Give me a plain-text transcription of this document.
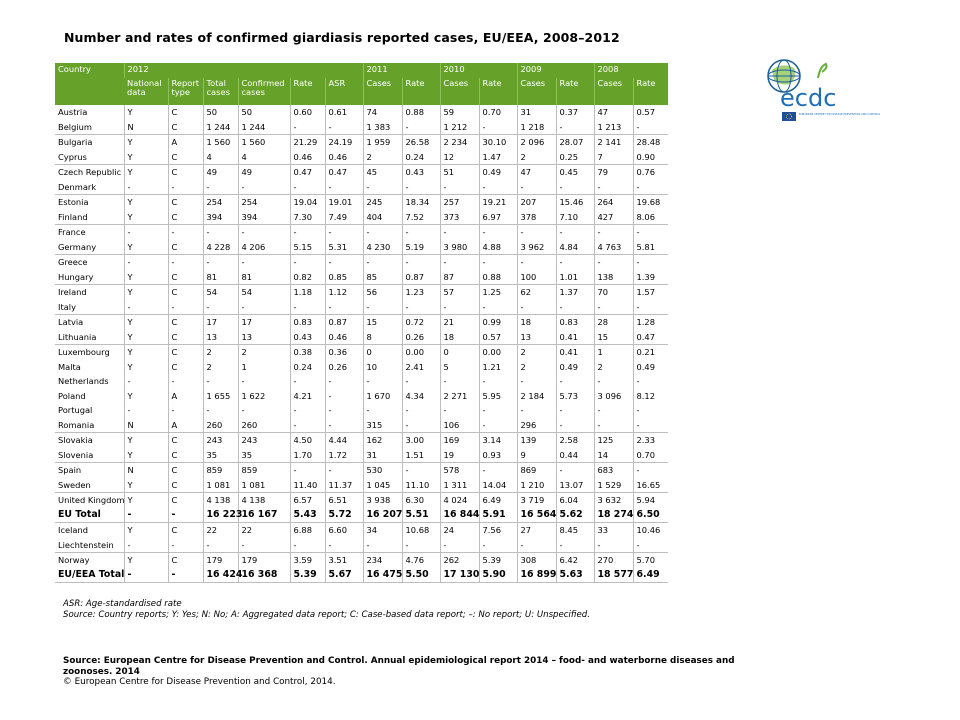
Number and rates of confirmed giardiasis reported cases, EU/EEA, 2008–2012
ecdc
EUROPEAN CENTRE FOR DISEASE PREVENTION AND CONTROL
Country	2012						2011		2010		2009		2008	
	National data	Report type	Total cases	Confirmed cases	Rate	ASR	Cases	Rate	Cases	Rate	Cases	Rate	Cases	Rate
Austria	Y	C	50	50	0.60	0.61	74	0.88	59	0.70	31	0.37	47	0.57
Belgium	N	C	1 244	1 244	-	-	1 383	-	1 212	-	1 218	-	1 213	-
Bulgaria	Y	A	1 560	1 560	21.29	24.19	1 959	26.58	2 234	30.10	2 096	28.07	2 141	28.48
Cyprus	Y	C	4	4	0.46	0.46	2	0.24	12	1.47	2	0.25	7	0.90
Czech Republic	Y	C	49	49	0.47	0.47	45	0.43	51	0.49	47	0.45	79	0.76
Denmark	-	-	-	-	-	-	-	-	-	-	-	-	-	-
Estonia	Y	C	254	254	19.04	19.01	245	18.34	257	19.21	207	15.46	264	19.68
Finland	Y	C	394	394	7.30	7.49	404	7.52	373	6.97	378	7.10	427	8.06
France	-	-	-	-	-	-	-	-	-	-	-	-	-	-
Germany	Y	C	4 228	4 206	5.15	5.31	4 230	5.19	3 980	4.88	3 962	4.84	4 763	5.81
Greece	-	-	-	-	-	-	-	-	-	-	-	-	-	-
Hungary	Y	C	81	81	0.82	0.85	85	0.87	87	0.88	100	1.01	138	1.39
Ireland	Y	C	54	54	1.18	1.12	56	1.23	57	1.25	62	1.37	70	1.57
Italy	-	-	-	-	-	-	-	-	-	-	-	-	-	-
Latvia	Y	C	17	17	0.83	0.87	15	0.72	21	0.99	18	0.83	28	1.28
Lithuania	Y	C	13	13	0.43	0.46	8	0.26	18	0.57	13	0.41	15	0.47
Luxembourg	Y	C	2	2	0.38	0.36	0	0.00	0	0.00	2	0.41	1	0.21
Malta	Y	C	2	1	0.24	0.26	10	2.41	5	1.21	2	0.49	2	0.49
Netherlands	-	-	-	-	-	-	-	-	-	-	-	-	-	-
Poland	Y	A	1 655	1 622	4.21	-	1 670	4.34	2 271	5.95	2 184	5.73	3 096	8.12
Portugal	-	-	-	-	-	-	-	-	-	-	-	-	-	-
Romania	N	A	260	260	-	-	315	-	106	-	296	-	-	-
Slovakia	Y	C	243	243	4.50	4.44	162	3.00	169	3.14	139	2.58	125	2.33
Slovenia	Y	C	35	35	1.70	1.72	31	1.51	19	0.93	9	0.44	14	0.70
Spain	N	C	859	859	-	-	530	-	578	-	869	-	683	-
Sweden	Y	C	1 081	1 081	11.40	11.37	1 045	11.10	1 311	14.04	1 210	13.07	1 529	16.65
United Kingdom	Y	C	4 138	4 138	6.57	6.51	3 938	6.30	4 024	6.49	3 719	6.04	3 632	5.94
EU Total	-	-	16 223	16 167	5.43	5.72	16 207	5.51	16 844	5.91	16 564	5.62	18 274	6.50
Iceland	Y	C	22	22	6.88	6.60	34	10.68	24	7.56	27	8.45	33	10.46
Liechtenstein	-	-	-	-	-	-	-	-	-	-	-	-	-	-
Norway	Y	C	179	179	3.59	3.51	234	4.76	262	5.39	308	6.42	270	5.70
EU/EEA Total	-	-	16 424	16 368	5.39	5.67	16 475	5.50	17 130	5.90	16 899	5.63	18 577	6.49
ASR: Age-standardised rate
Source: Country reports; Y: Yes; N: No; A: Aggregated data report; C: Case-based data report; –: No report; U: Unspecified.
Source: European Centre for Disease Prevention and Control. Annual epidemiological report 2014 – food- and waterborne diseases and zoonoses. 2014
© European Centre for Disease Prevention and Control, 2014.
